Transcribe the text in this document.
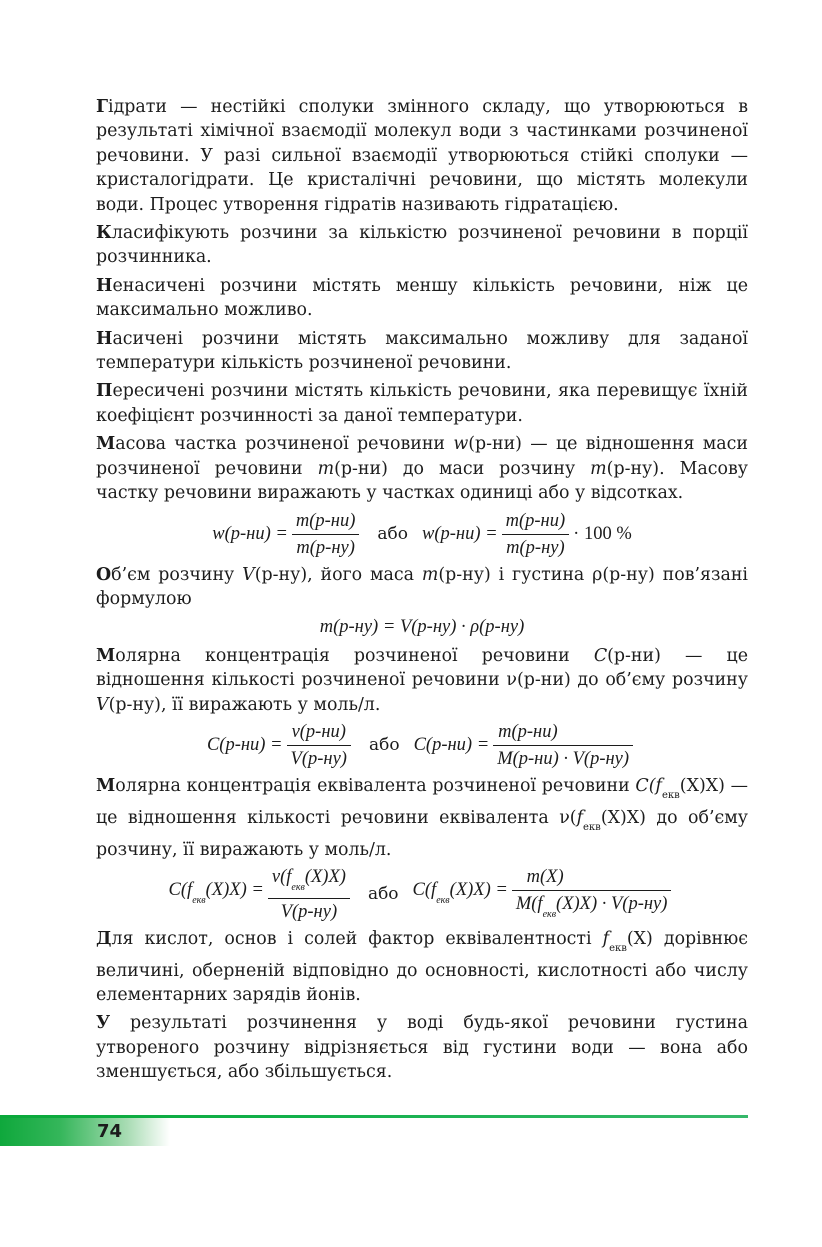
Гідрати — нестійкі сполуки змінного складу, що утворюються в результаті хімічної взаємодії молекул води з частинками розчиненої речовини. У разі сильної взаємодії утворюються стійкі сполуки — кристалогідрати. Це кристалічні речовини, що містять молекули води. Процес утворення гідратів називають гідратацією.

Класифікують розчини за кількістю розчиненої речовини в порції розчинника.

Ненасичені розчини містять меншу кількість речовини, ніж це максимально можливо.

Насичені розчини містять максимально можливу для заданої температури кількість розчиненої речовини.

Пересичені розчини містять кількість речовини, яка перевищує їхній коефіцієнт розчинності за даної температури.

Масова частка розчиненої речовини w(р-ни) — це відношення маси розчиненої речовини m(р-ни) до маси розчину m(р-ну). Масову частку речовини виражають у частках одиниці або у відсотках.

$w(р-ни) = \frac{m(р-ни)}{m(р-ну)}$ або $w(р-ни) = \frac{m(р-ни)}{m(р-ну)} \cdot 100$ %

Об’єм розчину V(р-ну), його маса m(р-ну) і густина ρ(р-ну) пов’язані формулою

m(р-ну) = V(р-ну) · ρ(р-ну)

Молярна концентрація розчиненої речовини C(р-ни) — це відношення кількості розчиненої речовини ν(р-ни) до об’єму розчину V(р-ну), її виражають у моль/л.

$C(р-ни) = \frac{\nu(р-ни)}{V(р-ну)}$ або $C(р-ни) = \frac{m(р-ни)}{M(р-ни) \cdot V(р-ну)}$

Молярна концентрація еквівалента розчиненої речовини $C(f_{екв}(X)X)$ — це відношення кількості речовини еквівалента $\nu(f_{екв}(X)X)$ до об’єму розчину, її виражають у моль/л.

$C(f_{екв}(X)X) = \frac{\nu(f_{екв}(X)X)}{V(р-ну)}$ або $C(f_{екв}(X)X) = \frac{m(X)}{M(f_{екв}(X)X) \cdot V(р-ну)}$

Для кислот, основ і солей фактор еквівалентності $f_{екв}(X)$ дорівнює величині, оберненій відповідно до основності, кислотності або числу елементарних зарядів йонів.

У результаті розчинення у воді будь-якої речовини густина утвореного розчину відрізняється від густини води — вона або зменшується, або збільшується.

74
